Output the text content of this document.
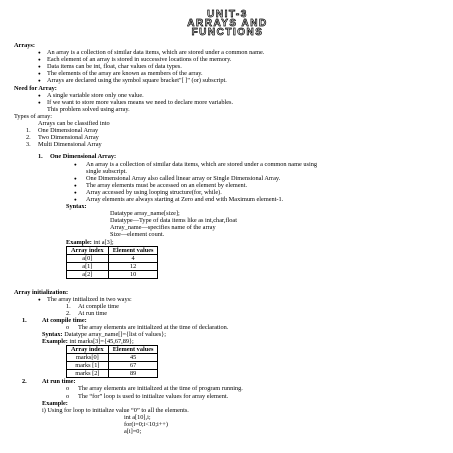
UNIT-3
ARRAYS AND
FUNCTIONS
Arrays:
● An array is a collection of similar data items, which are stored under a common name.
● Each element of an array is stored in successive locations of the memory.
● Data items can be int, float, char values of data types.
● The elements of the array are known as members of the array.
● Arrays are declared using the symbol square bracket"[ ]" (or) subscript.
Need for Array:
● A single variable store only one value.
● If we want to store more values means we need to declare more variables.
This problem solved using array.
Types of array:
Arrays can be classified into
1. One Dimensional Array
2. Two Dimensional Array
3. Multi Dimensional Array
1. One Dimensional Array:
● An array is a collection of similar data items, which are stored under a common name using
single subscript.
● One Dimensional Array also called linear array or Single Dimensional Array.
● The array elements must be accessed on an element by element.
● Array accessed by using looping structure(for, while).
● Array elements are always starting at Zero and end with Maximum element-1.
Syntax:
Datatype array_name[size];
Datatype—Type of data items like as int,char,float
Array_name—specifies name of the array
Size—element count.
Example: int a[3];
Array index	Element values
a[0]	4
a[1]	12
a[2]	10
Array initialization:
● The array initialized in two ways:
1. At compile time
2. At run time
1. At compile time:
o The array elements are initialized at the time of declaration.
Syntax: Datatype array_name[]={list of values};
Example: int marks[3]={45,67,89};
Array index	Element values
marks[0]	45
marks [1]	67
marks [2]	89
2. At run time:
o The array elements are initialized at the time of program running.
o The “for” loop is used to initialize values for array element.
Example:
i) Using for loop to initialize value “0” to all the elements.
int a[10],i;
for(i=0;i<10;i++)
a[i]=0;
